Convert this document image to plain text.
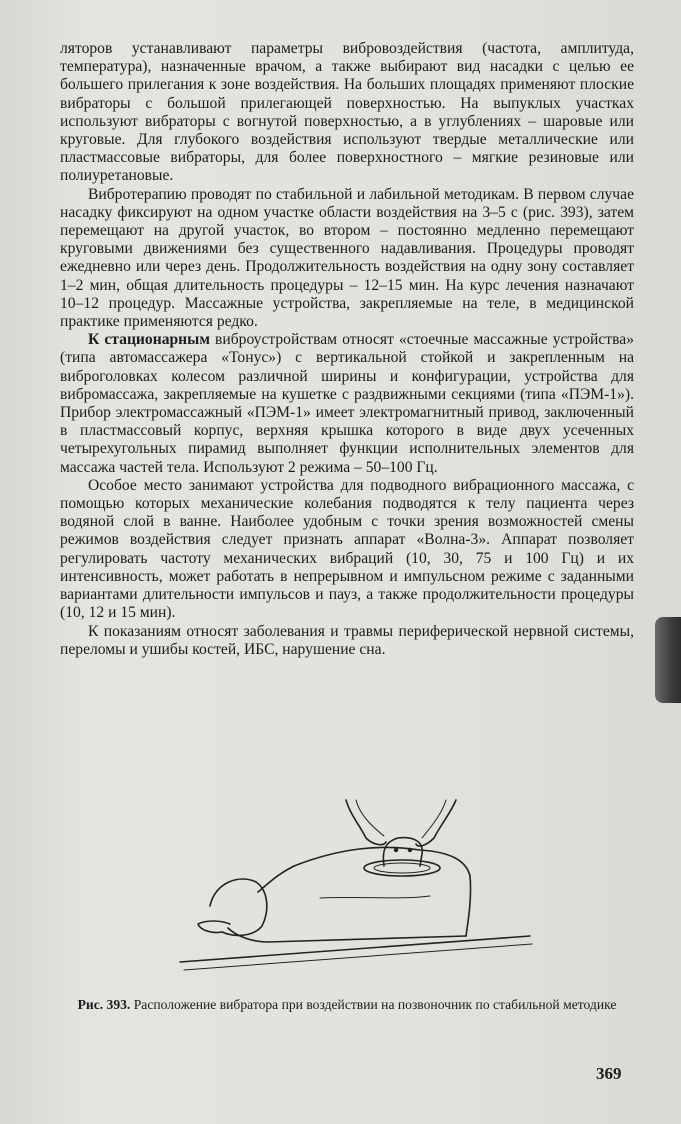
ляторов устанавливают параметры вибровоздействия (частота, амплитуда, температура), назначенные врачом, а также выбирают вид насадки с целью ее большего прилегания к зоне воздействия. На больших площадях применяют плоские вибраторы с большой прилегающей поверхностью. На выпуклых участках используют вибраторы с вогнутой поверхностью, а в углублениях – шаровые или круговые. Для глубокого воздействия используют твердые металлические или пластмассовые вибраторы, для более поверхностного – мягкие резиновые или полиуретановые.

Вибротерапию проводят по стабильной и лабильной методикам. В первом случае насадку фиксируют на одном участке области воздействия на 3–5 с (рис. 393), затем перемещают на другой участок, во втором – постоянно медленно перемещают круговыми движениями без существенного надавливания. Процедуры проводят ежедневно или через день. Продолжительность воздействия на одну зону составляет 1–2 мин, общая длительность процедуры – 12–15 мин. На курс лечения назначают 10–12 процедур. Массажные устройства, закрепляемые на теле, в медицинской практике применяются редко.

К стационарным виброустройствам относят «стоечные массажные устройства» (типа автомассажера «Тонус») с вертикальной стойкой и закрепленным на виброголовках колесом различной ширины и конфигурации, устройства для вибромассажа, закрепляемые на кушетке с раздвижными секциями (типа «ПЭМ-1»). Прибор электромассажный «ПЭМ-1» имеет электромагнитный привод, заключенный в пластмассовый корпус, верхняя крышка которого в виде двух усеченных четырехугольных пирамид выполняет функции исполнительных элементов для массажа частей тела. Используют 2 режима – 50–100 Гц.

Особое место занимают устройства для подводного вибрационного массажа, с помощью которых механические колебания подводятся к телу пациента через водяной слой в ванне. Наиболее удобным с точки зрения возможностей смены режимов воздействия следует признать аппарат «Волна-3». Аппарат позволяет регулировать частоту механических вибраций (10, 30, 75 и 100 Гц) и их интенсивность, может работать в непрерывном и импульсном режиме с заданными вариантами длительности импульсов и пауз, а также продолжительности процедуры (10, 12 и 15 мин).

К показаниям относят заболевания и травмы периферической нервной системы, переломы и ушибы костей, ИБС, нарушение сна.

Рис. 393. Расположение вибратора при воздействии на позвоночник по стабильной методике
369
